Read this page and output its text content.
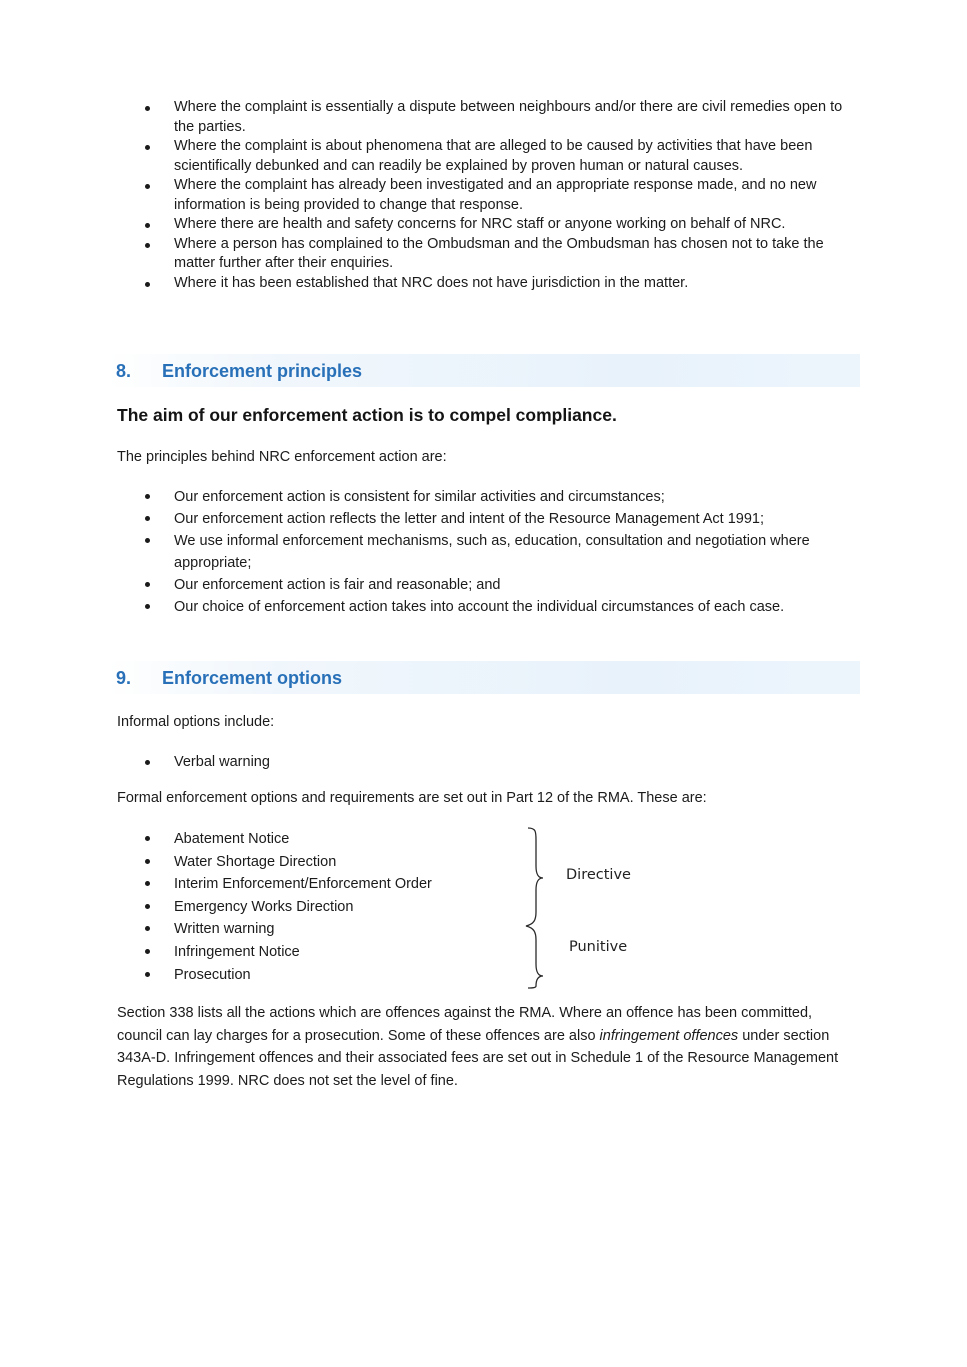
Where the complaint is essentially a dispute between neighbours and/or there are civil remedies open to the parties.
Where the complaint is about phenomena that are alleged to be caused by activities that have been scientifically debunked and can readily be explained by proven human or natural causes.
Where the complaint has already been investigated and an appropriate response made, and no new information is being provided to change that response.
Where there are health and safety concerns for NRC staff or anyone working on behalf of NRC.
Where a person has complained to the Ombudsman and the Ombudsman has chosen not to take the matter further after their enquiries.
Where it has been established that NRC does not have jurisdiction in the matter.
8. Enforcement principles

The aim of our enforcement action is to compel compliance.

The principles behind NRC enforcement action are:

Our enforcement action is consistent for similar activities and circumstances;
Our enforcement action reflects the letter and intent of the Resource Management Act 1991;
We use informal enforcement mechanisms, such as, education, consultation and negotiation where appropriate;
Our enforcement action is fair and reasonable; and
Our choice of enforcement action takes into account the individual circumstances of each case.
9. Enforcement options

Informal options include:

Verbal warning

Formal enforcement options and requirements are set out in Part 12 of the RMA. These are:

Abatement Notice
Water Shortage Direction
Interim Enforcement/Enforcement Order
Emergency Works Direction
Written warning
Infringement Notice
Prosecution
Directive
Punitive

Section 338 lists all the actions which are offences against the RMA. Where an offence has been committed, council can lay charges for a prosecution. Some of these offences are also infringement offences under section 343A-D. Infringement offences and their associated fees are set out in Schedule 1 of the Resource Management Regulations 1999. NRC does not set the level of fine.
